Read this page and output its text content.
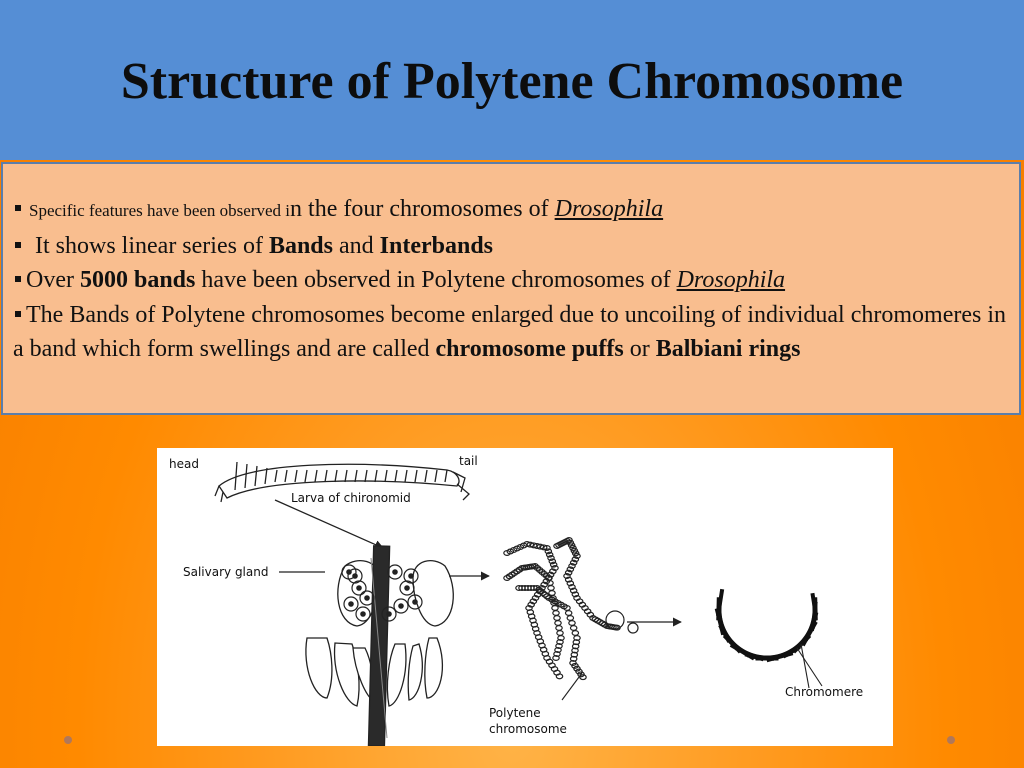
Structure of Polytene Chromosome

Specific features have been observed in the four chromosomes of Drosophila

It shows linear series of Bands and Interbands

Over 5000 bands have been observed in Polytene chromosomes of Drosophila

The Bands of Polytene chromosomes become enlarged due to uncoiling of individual chromomeres in a band which form swellings and are called chromosome puffs or Balbiani rings

head	tail
Larva of chironomid
Salivary gland
Polytene
chromosome
Chromomere
